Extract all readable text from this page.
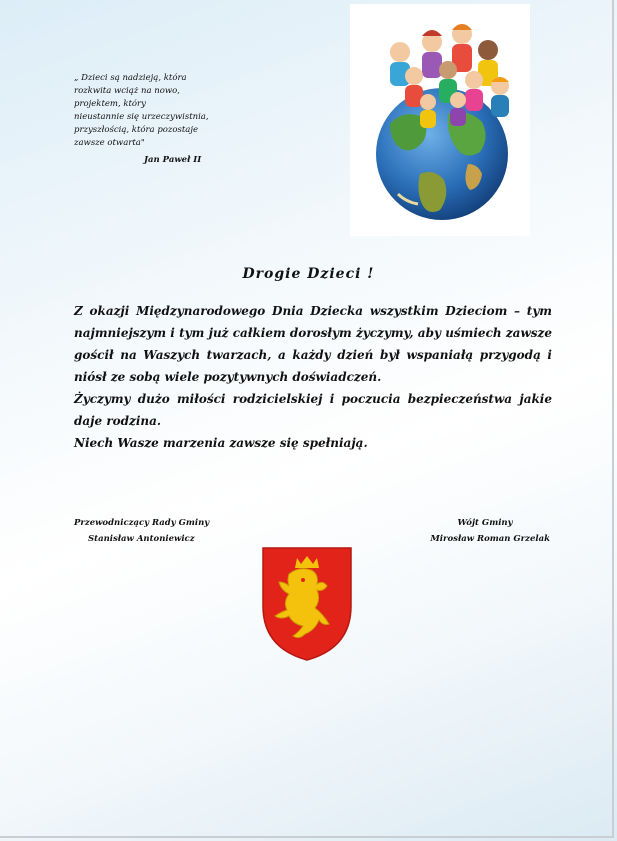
„ Dzieci są nadzieją, która
rozkwita wciąż na nowo,
projektem, który
nieustannie się urzeczywistnia,
przyszłością, która pozostaje
zawsze otwarta"
Jan Paweł II
Drogie Dzieci !

Z okazji Międzynarodowego Dnia Dziecka wszystkim Dzieciom – tym najmniejszym i tym już całkiem dorosłym życzymy, aby uśmiech zawsze gościł na Waszych twarzach, a każdy dzień był wspaniałą przygodą i niósł ze sobą wiele pozytywnych doświadczeń.

Życzymy dużo miłości rodzicielskiej i poczucia bezpieczeństwa jakie daje rodzina.

Niech Wasze marzenia zawsze się spełniają.

Przewodniczący Rady Gminy
Stanisław Antoniewicz
Wójt Gminy
Mirosław Roman Grzelak
